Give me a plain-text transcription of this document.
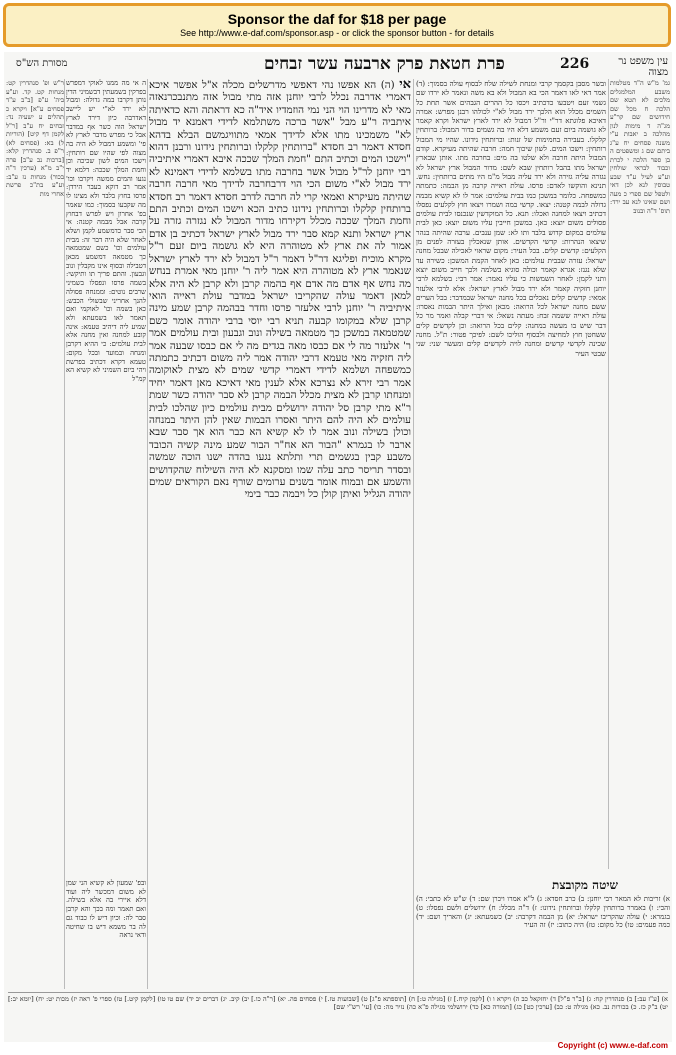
Sponsor the daf for $18 per page
See http://www.e-daf.com/sponsor.asp - or click the sponsor button - for details
מסורת הש"ס	פרת חטאת פרק ארבעה עשר זבחים	226	עין משפט נר מצוה
ר"ש ופ' סנהדרין קט: מנחות קט. קד. וע"ע ביה' ע"פ [ב"ב ע"ד פסחים ע"א] ויקרא כ תהלים ע ישעיה נד: זבחים יח ע"ב [ר"ל לקמן דף קיט] (הוריות ל) בא: (פסחים לא) ר"פ ב. סנהדרין קלא: [ברכות נב ע"ב] פרה י"ב מ"א (ערכין ד"ה בכור) מנחות נז ע"ב: וע"ע בת"כ פרשת אחרי מות
ה אי מה ממנו לאוקי דמפרש בפרקין בשמעתין דבשמיני הדין נותן דקרבו במה גדולה: ומבול לא ירד לא"י יש ליישב דאדרבה כיון דירד לארץ ישראל הוה כשר אף במדבר אבל כי מפרש מדבר לארץ לא פי' ומשמע דמבול לא היה בה מצוה לפי שהיו שם רותחין: וישכו המים לשון שכיכה וכן וחמת המלך שככה: דלמא יד נגעו והמים ממשה ויקרבו וכו' אמר רב דוקא בעבר הירדן: פרסו בחוץ בלבד ולא מצינו לו מה שקבעו בסמוך: כמו שאמר בפ' אחרון ויש לפרש דבחוץ קרבה אבל מבמה קטנה: אי הכי סבר כדמשמע לקמן ושלא לאחר שלא היה דבר זה: מבית עולמים וכו' כשם שמטמאה כך מטמאה דמשמע מכאן דטבילה ובסוף אינו מקבלין ונוב וגבעון. והתם פריך תו ותיקשי: בשמה פרסו ונפסלו בשמיני שרבים נוטים: וממנחה פסולה להנך אחריני שבשולי הכבש: כאן בשמה וכו' לאוקמי ואם תאמר לאו בשמעתא ולא שמיע ליה דיהיב טעמא: אינה קובע למחנה ואין מחנה אלא לבית עולמים: כי ההיא דקרבן ומנחה ובמועד ובכל מקום: טעמא דקרא דכתיב בפרשת ויהי ביום השמיני לא קשיא הא קמ"ל
ובפ' שמעון לא קשיא הני שמן לא משום דמכשר ליה ועוד דלא איירי בה אלא בשילה. ואם תאמר ומה בכך והא קרבן סבר לה: וכיון דיש לו כבוד גם לה בר משמא דיש בו שחיטה ודאי נראה
אי (ה) הא אפשו נהי דאפשי מדרשלים מכלה א"ל אפשר איכא דאמרי אדרבה נכלל לרבי יוחנן אזה מתי מבול אזה מתנבכרנאזה מאי לא מדרינו הוי הני נמי הוזמדיו איד"ה כא דראתה והא כדאיתה איתביה ר"ע מבל "אשר ברכה משתלמא לדידי דאמנא יד מבול לא" משמכינו מתו אלא לדידך אמאי מתוויגמשם הבלא בדהא חסדא דאמר רב חסדא "ברותחין קלקלו וברותחין נידונו ורבנן דהוא "וישכו המים וכתיב התם "חמת המלך שככה איבא דאמרי איתיביה רבי יוחנן לר"ל מבול אשר בחרבה מתו בשלמא לדידי דאמינא לא ירד מבול לא"י משום הכי הוי דרבחרבה לדידך מאי חרבה חרבה שהיתה מעיקרא ואמאי קרי לה חרבה לדרב חסדא דאמר רב חסדא ברותחין קלקלו וברותחין נידונו כתיב הכא וישכו המים וכתיב התם וחמת המלך שככה מכלל דקירחו מדור המבול לא נגזרה גזרה על ארץ ישראל ותנא קמא סבר ירד מבול לארץ ישראל דכתיב בן אדם אמור לה את ארץ לא מטוהרה היא לא גושמה ביום זעם ר"ל מקרא מוכיח ופליגא דר"ל דאמר ר"ל דמבול לא ירד לארץ ישראל שנאמר ארץ לא מטוהרה היא אמר ליה ר' יוחנן מאי אמרת בנחש מה נחש אף אדם מה אדם אף בהמה קרבן ולא קרבן לא היה אלא למאן דאמר עולה שהקריבו ישראל במדבר עולת ראייה הואי איתיביה ר' יוחנן לרבי אלעזר פרסו וחדר בבהמה קרבן שמע מינה קרבן שלא במקומו קבעה תניא רבי יוסי ברבי יהודה אומר כשם שמטמאה במשכן כך מטמאה בשילה ונוב וגבעון ובית עולמים אמר ר' אלעזר מה לי אם כבסו מאה בגדים מה לי אם כבסו שבעה אמר ליה חזקיה מאי טעמא דרבי יהודה אמר ליה משום דכתיב כתמתה כמשפחה ושלמא לדידי דאמרי קדשי שמים לא מצית לאוקומה אמר רבי זירא לא נצרכא אלא לענין מאי דאיכא מאן דאמר יחיד ומנחתו קרבן לא מצית מכלל הבמה קרבן לא סבר יהודה כשר שמת ר"א מתי קרבן סל יהודה ירושלים מבית עולמים כיון שהלכו לבית עולמים לא היה להם היתר ואסרו הבמות שאין להן היתר במנחה וכולן בשילה ונוב אמר לו לא קשיא הא כבר הוא אך סבר שבא ארבר לו בגמרא "הבור הא אח"ר הבור שמע מינה קשיה הכובד משבע קבין בגשמים תרי ותלתא נגעו בהדה ישנו הוכה שמשה ובסדר תריסר כתב עלה שמו ומסקנא לא היה השילוח שהקדושים והשמע אם ובמוח אומר בשנים ערומים שורף נאם הקוראים שמים יהודה הגליל ואיתן קולן כל ויבמה כבר בימי
ובשר מסבן בקסמך קרבי ומנחת לשילה שלח לבסוף עולה בסמוך: (ד) אמר דאי לאו דאמר הכי בא המבול ולא בא משה ונאמר לא ירדו שם גשמי זעם ויטבעו כדכתיב ויכסו כל ההרים הגבהים אשר תחת כל השמים מכלל הוא הלכך ירד מבול לא"י לכולהו רבנן מפרש: אמרה דאיכא פלוגתא דר"י ור"ל דמבול לא ירד לארץ ישראל וקרא קאמר לא גושמה ביום זעם משמע דלא היו בה גשמים בדור המבול: ברותחין קלקלו. בעבירה בחמימות של זנות: וברותחין נידונו. שהיו מי המבול רותחין: וישכו המים. לשון שיכוך חמה: חרבה שהיתה מעיקרא. קודם המבול היתה חרבה ולא שלטו בה מים: בחרבה מתו. אותן שבארץ ישראל מתו בהבל רותחין שבא לשם: מדור המבול ארץ ישראל לא נגזרה עליה גזירה ולא ירד עליה מבול מ"מ היו מתים ברותחין: נחש. תנינא והוקשו לאדם: פרסו. עולת ראייה קרבה מן הבמה: כתמתה כמשפחה. כלומר במשכן כמו בבית עולמים: אמר לו לא קשיא מבמה גדולה לבמה קטנה: יצאו. קדשי במה ושמרו ויצאו חוץ לקלעים נפסלו דכתיב ויצאו למחנה ואכלו: תנא. כל המוקדשין שנכנסו לבית עולמים פסולים משום יוצא: כאן. במשכן חייבין עליו משום יוצא: כאן לבית עולמים במקום קדוש בלבד ותו לא: שמן ענבים. ערבה שהיתה בנהר שיצאו הנהרות: קדשי הקדשים. אותן שנאכלין בעזרה לפנים מן הקלעים: קדשים קלים. בכל העיר: מקום שראוי לאכילה שבכל מחנה ישראל: עזרה שבבית עולמים: כאן לאחר הקמת המשכן: כשירה עד שלא נגנז: אגרא קאמר וכולה סוגיא בשלמה ולכך חייב משום יוצא ותני לקמן: לאחר השמשות כי עליו נאמר: אמר רבי: בשלמא לרבי יוחנן חזקיה קאמר ולא ירד מבול לארץ ישראל: אלא לרבי אלעזר אמאי: קדשים קלים נאכלים בכל מחנה ישראל שבמדבר: בכל הערים ששם מחנה ישראל לכל הרואה: מכאן ואילך היתר הבמות נאסרו: עולת ראייה ששמה זבח: מעתה נשאל: אי דברי קבלה ואמר מר כל דבר שיש בו מעשה במחנה: קלים בכל הרואה: וכן לקדשים קלים ששחטן חוץ למחיצה ולבסוף הוליכו לשם: לפיכך פטור: ת"ל. מחנה שכינה לקדשי קדשים ומחנה לויה לקדשים קלים ומעשר שני: שני שבטי העיר
גמ' מ"ש ה"ד מטלמות משבע המלמגלים מלכים לא תטא שם הלכה ח מכל שם חידושים שם קר"ע מג"ה ד מימות לנון מהלכה ב יאבות ע"י משנה פסחים יח ע"ג ביתם שם ג ומשפטים ה בן ספר הלכה י לכרת וכבוד לבראי שולחין וע"ע לעיל ע"ד שבע טבוסין לנא לכן דאי ולטפל שם ספרי כ מעה ושם שאינו לנא עב ירד: תוס' ד"ה ובנוב
שיטה מקובצת
א) זריבות לא המאר רבי יוחנן: ב) כרב חסדא: ג) ל"א אמרו ויכרן שם: ד) ש"ש לא כתבי: ה) והכי: ו) באמרר ברותחין קלקלו וברותחין נידונו: ז) ד"ה מכלל: ח) ירושלים ולשם נפסלו: ט) בגמרא: י) עולה שהקריבו ישראל: יא) מן הבמה דקרבה: יב) כשמעתא: יג) והאריך ושם: יד) כמה פעמים: טו) כל מקום: טז) היה כתוב: יז) זה העיר
א) [ע"ז עב:] ב) סנהדרין קח: ג) [ב"ר פ"ל] ד) יחזקאל כב ה) ויקרא ו ו) [לקמן קיח.] ז) [מגילה ט:] ח) [תוספתא פ"ג] ט) [שבועות טז.] י) פסחים פה. יא) [ר"ה כו.] יב) קיב. יג) דברים יב יד) שם טו טו) [לקמן קיט.] טז) ספרי פ' ראה יז) מכות יט: יח) [יומא יב:] יט) ב"ק כז. כ) בכורות נב. כא) מגילה ט: כב) [ערכין כט] כג) [תמורה כא] כד) ירושלמי מגילה פ"א כה) נזיר מה: כו) [עי' רש"י שם]
Copyright (c) www.e-daf.com
